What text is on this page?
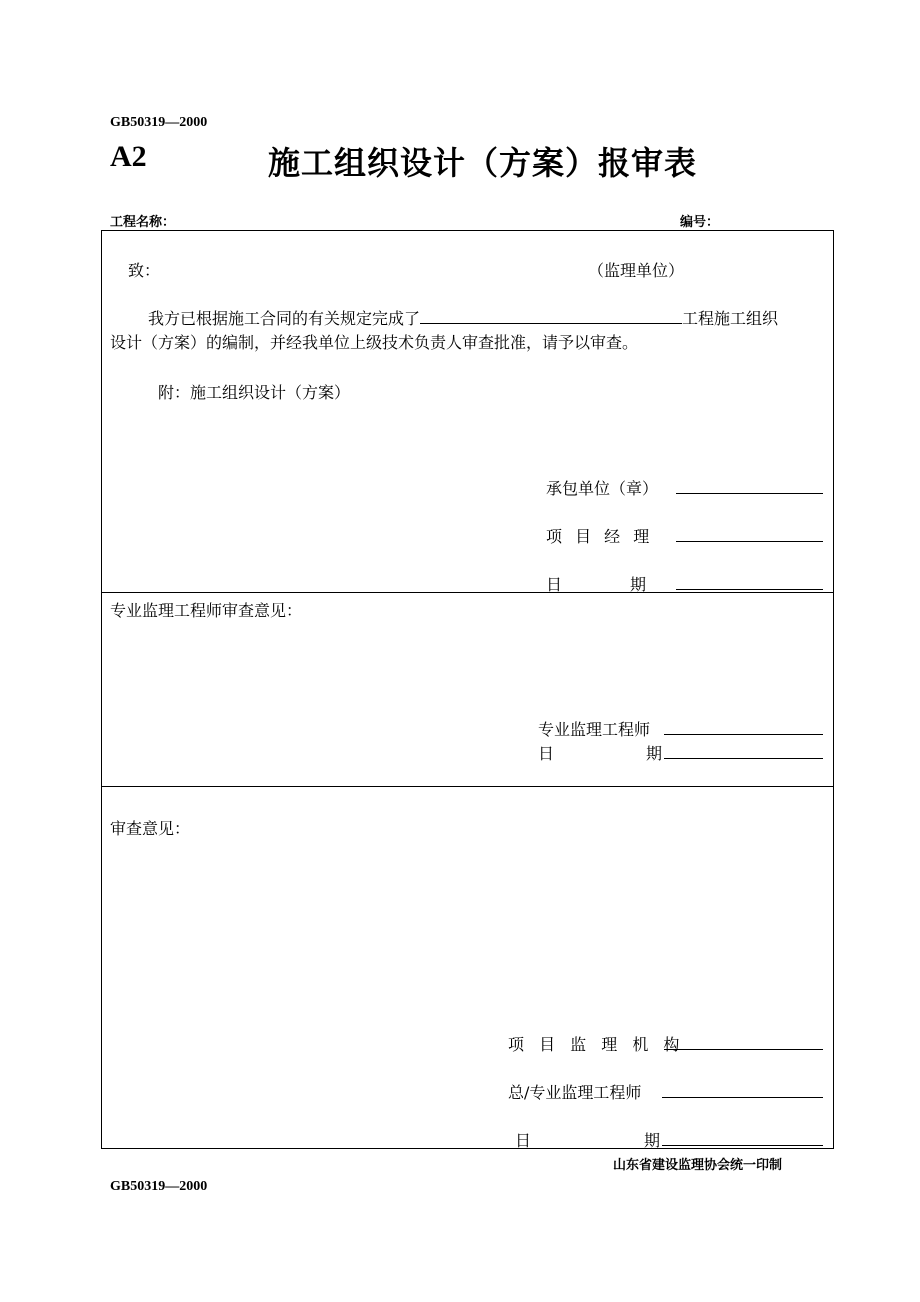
GB50319—2000
A2	施工组织设计（方案）报审表
工程名称：	编号：
致：	（监理单位）
我方已根据施工合同的有关规定完成了	工程施工组织
设计（方案）的编制，并经我单位上级技术负责人审查批准，请予以审查。
附：施工组织设计（方案）
承包单位（章）
项 目 经 理
日	期
专业监理工程师审查意见：
专业监理工程师
日	期
审查意见：
项 目 监 理 机 构
总/专业监理工程师
日	期
山东省建设监理协会统一印制
GB50319—2000
